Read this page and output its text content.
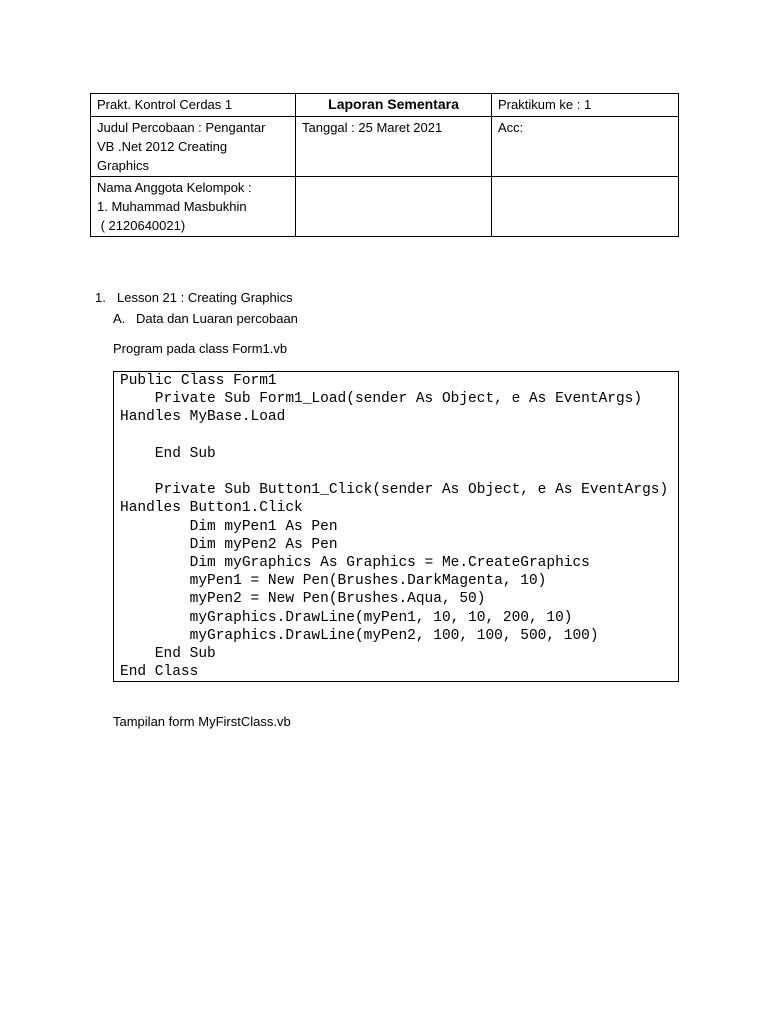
Prakt. Kontrol Cerdas 1	Laporan Sementara	Praktikum ke : 1

Judul Percobaan : Pengantar
VB .Net 2012 Creating
Graphics	Tanggal : 25 Maret 2021	Acc:

Nama Anggota Kelompok :
1. Muhammad Masbukhin
( 2120640021)		

1. Lesson 21 : Creating Graphics
A. Data dan Luaran percobaan
Program pada class Form1.vb
Public Class Form1
Private Sub Form1_Load(sender As Object, e As EventArgs)
Handles MyBase.Load
End Sub
Private Sub Button1_Click(sender As Object, e As EventArgs)
Handles Button1.Click
Dim myPen1 As Pen
Dim myPen2 As Pen
Dim myGraphics As Graphics = Me.CreateGraphics
myPen1 = New Pen(Brushes.DarkMagenta, 10)
myPen2 = New Pen(Brushes.Aqua, 50)
myGraphics.DrawLine(myPen1, 10, 10, 200, 10)
myGraphics.DrawLine(myPen2, 100, 100, 500, 100)
End Sub
End Class
Tampilan form MyFirstClass.vb
